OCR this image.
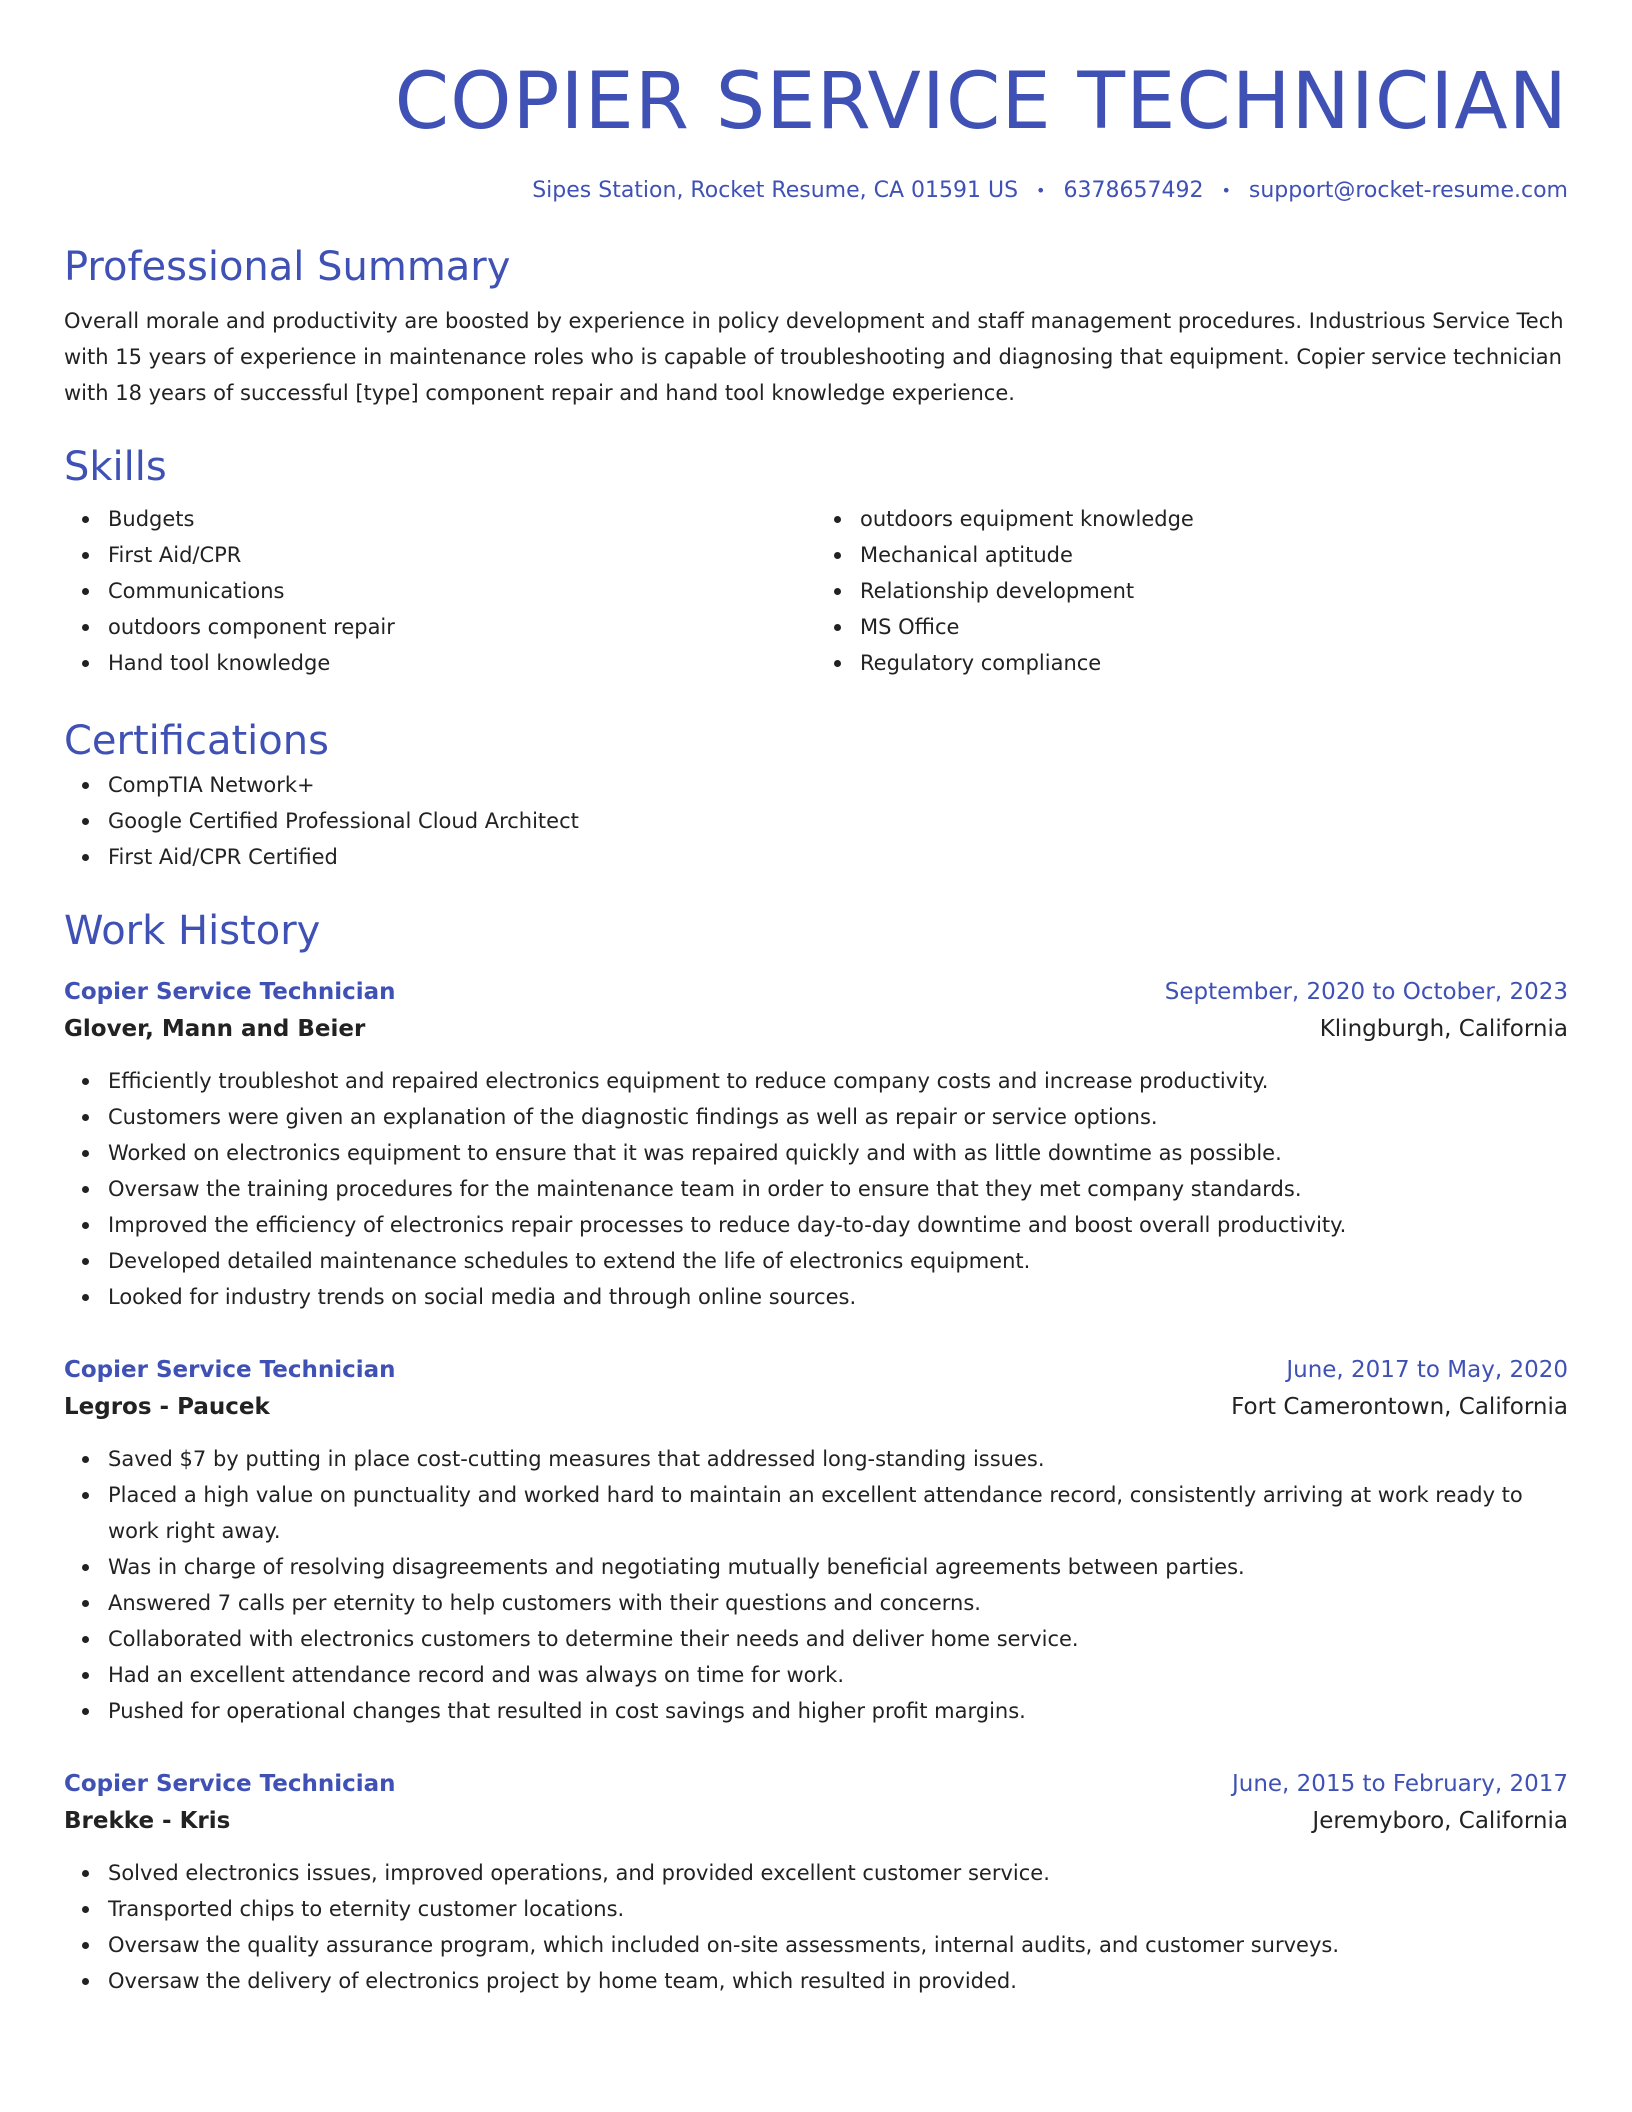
COPIER SERVICE TECHNICIAN
Sipes Station, Rocket Resume, CA 01591 US • 6378657492 • support@rocket-resume.com
Professional Summary

Overall morale and productivity are boosted by experience in policy development and staff management procedures. Industrious Service Tech with 15 years of experience in maintenance roles who is capable of troubleshooting and diagnosing that equipment. Copier service technician with 18 years of successful [type] component repair and hand tool knowledge experience.

Skills
Budgets
First Aid/CPR
Communications
outdoors component repair
Hand tool knowledge
outdoors equipment knowledge
Mechanical aptitude
Relationship development
MS Office
Regulatory compliance
Certifications
CompTIA Network+
Google Certified Professional Cloud Architect
First Aid/CPR Certified
Work History
Copier Service Technician	September, 2020 to October, 2023
Glover, Mann and Beier	Klingburgh, California
Efficiently troubleshot and repaired electronics equipment to reduce company costs and increase productivity.
Customers were given an explanation of the diagnostic findings as well as repair or service options.
Worked on electronics equipment to ensure that it was repaired quickly and with as little downtime as possible.
Oversaw the training procedures for the maintenance team in order to ensure that they met company standards.
Improved the efficiency of electronics repair processes to reduce day-to-day downtime and boost overall productivity.
Developed detailed maintenance schedules to extend the life of electronics equipment.
Looked for industry trends on social media and through online sources.
Copier Service Technician	June, 2017 to May, 2020
Legros - Paucek	Fort Camerontown, California
Saved $7 by putting in place cost-cutting measures that addressed long-standing issues.
Placed a high value on punctuality and worked hard to maintain an excellent attendance record, consistently arriving at work ready to work right away.
Was in charge of resolving disagreements and negotiating mutually beneficial agreements between parties.
Answered 7 calls per eternity to help customers with their questions and concerns.
Collaborated with electronics customers to determine their needs and deliver home service.
Had an excellent attendance record and was always on time for work.
Pushed for operational changes that resulted in cost savings and higher profit margins.
Copier Service Technician	June, 2015 to February, 2017
Brekke - Kris	Jeremyboro, California
Solved electronics issues, improved operations, and provided excellent customer service.
Transported chips to eternity customer locations.
Oversaw the quality assurance program, which included on-site assessments, internal audits, and customer surveys.
Oversaw the delivery of electronics project by home team, which resulted in provided.
